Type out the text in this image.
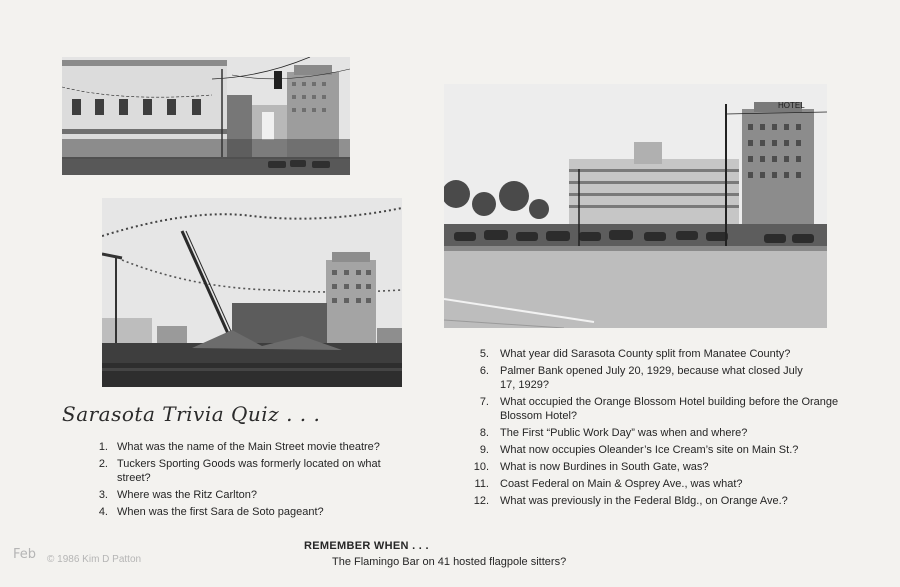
HOTEL
Sarasota Trivia Quiz . . .
1. What was the name of the Main Street movie theatre?
2. Tuckers Sporting Goods was formerly located on what street?
3. Where was the Ritz Carlton?
4. When was the first Sara de Soto pageant?
5. What year did Sarasota County split from Manatee County?
6. Palmer Bank opened July 20, 1929, because what closed July 17, 1929?
7. What occupied the Orange Blossom Hotel building before the Orange Blossom Hotel?
8. The First “Public Work Day” was when and where?
9. What now occupies Oleander’s Ice Cream’s site on Main St.?
10. What is now Burdines in South Gate, was?
11. Coast Federal on Main & Osprey Ave., was what?
12. What was previously in the Federal Bldg., on Orange Ave.?
REMEMBER WHEN . . .
The Flamingo Bar on 41 hosted flagpole sitters?
Feb © 1986 Kim D Patton
